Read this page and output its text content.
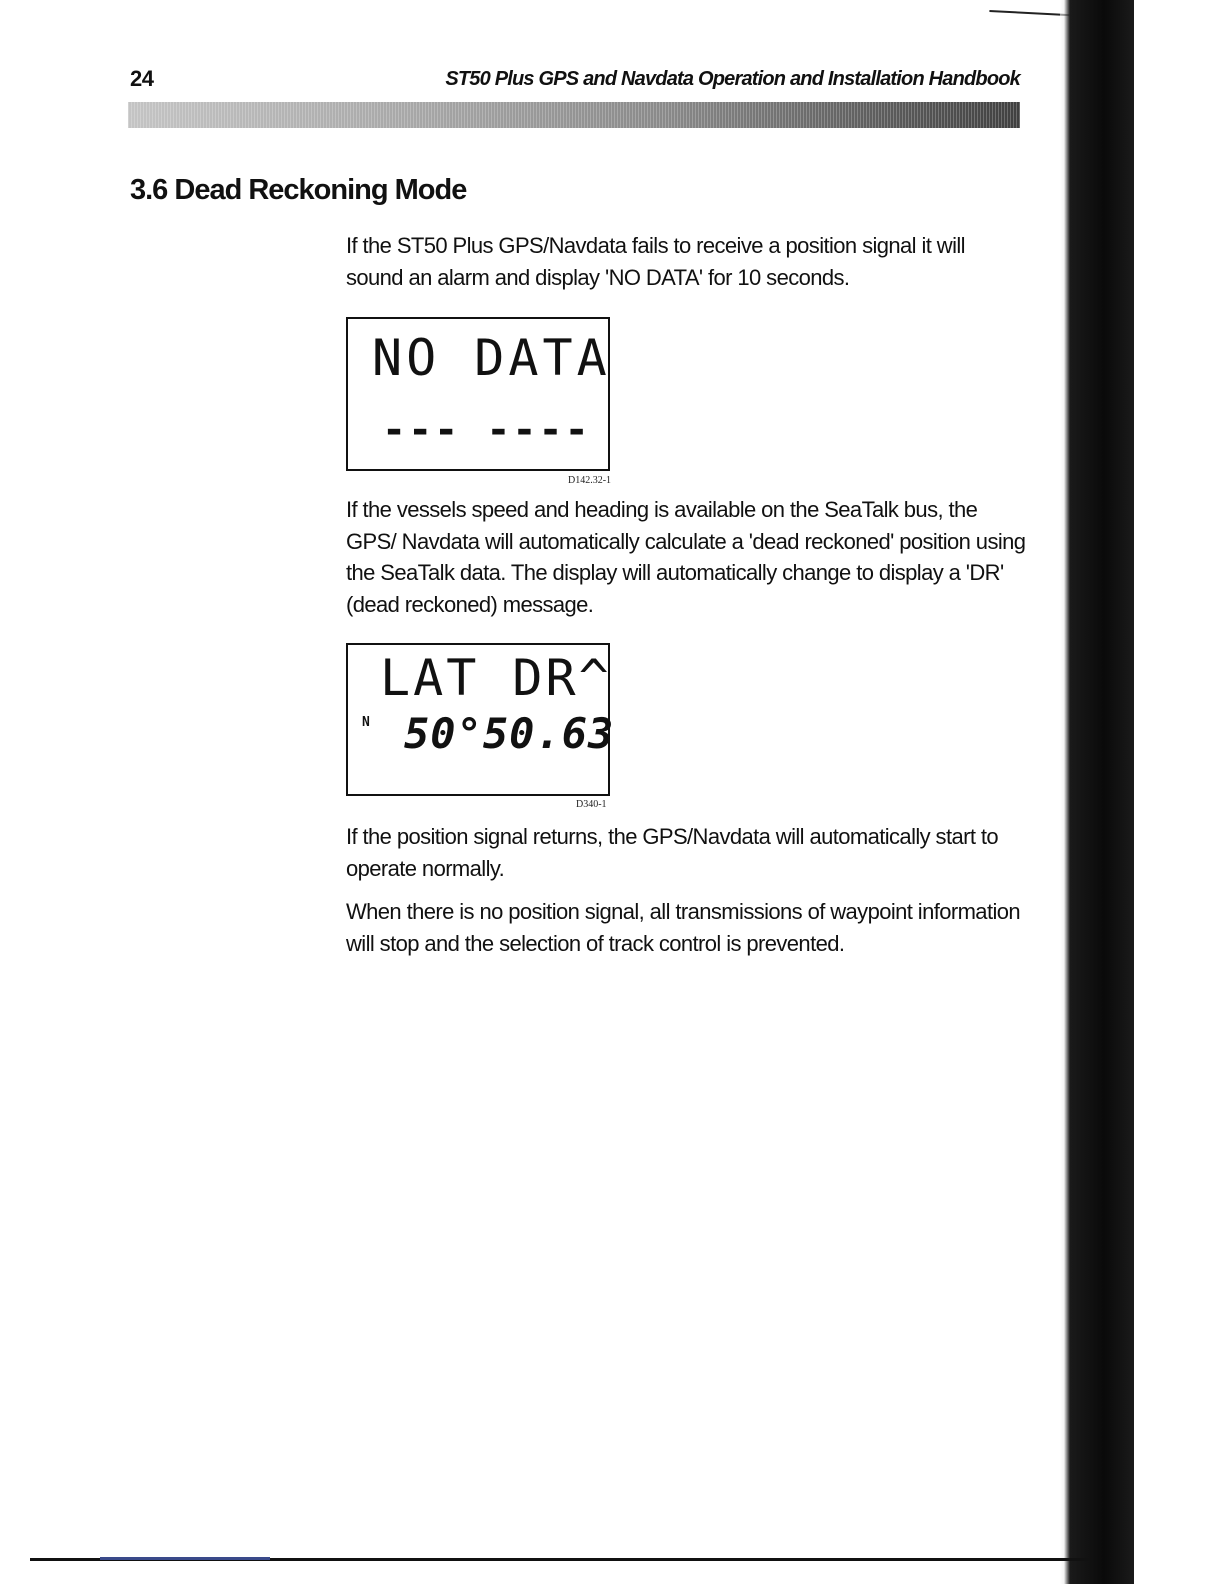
24	ST50 Plus GPS and Navdata Operation and Installation Handbook
3.6 Dead Reckoning Mode

If the ST50 Plus GPS/Navdata fails to receive a position signal it will sound an alarm and display 'NO DATA' for 10 seconds.

NO DATA
--- ----
D142.32-1

If the vessels speed and heading is available on the SeaTalk bus, the GPS/ Navdata will automatically calculate a 'dead reckoned' position using the SeaTalk data. The display will automatically change to display a 'DR' (dead reckoned) message.

LAT DR^
N 50°50.63
D340-1

If the position signal returns, the GPS/Navdata will automatically start to operate normally.

When there is no position signal, all transmissions of waypoint information will stop and the selection of track control is prevented.
